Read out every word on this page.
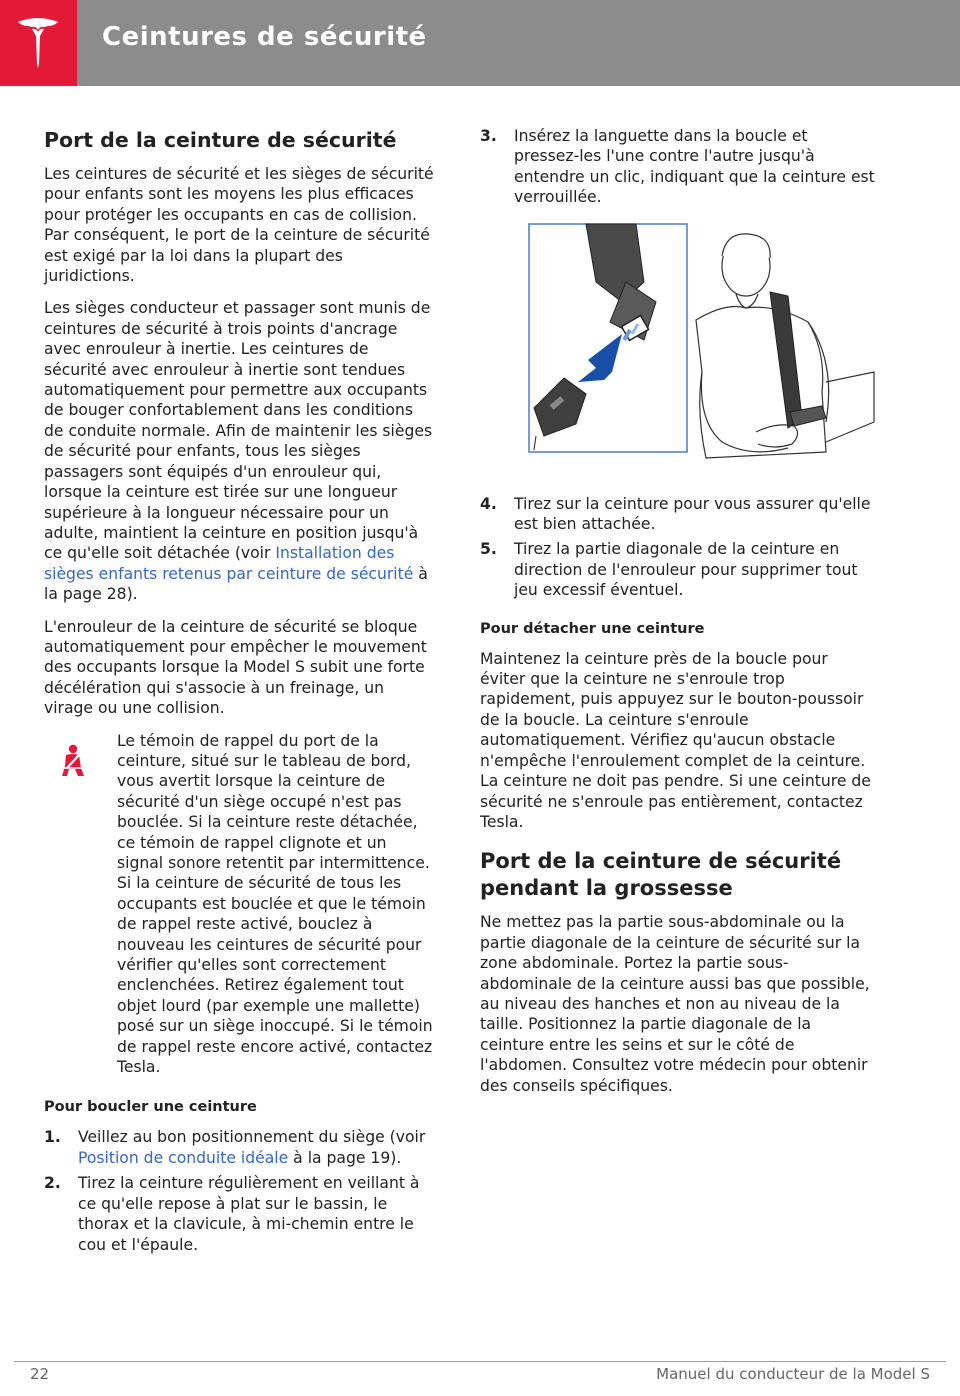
Ceintures de sécurité
Port de la ceinture de sécurité

Les ceintures de sécurité et les sièges de sécurité pour enfants sont les moyens les plus efficaces pour protéger les occupants en cas de collision. Par conséquent, le port de la ceinture de sécurité est exigé par la loi dans la plupart des juridictions.

Les sièges conducteur et passager sont munis de ceintures de sécurité à trois points d'ancrage avec enrouleur à inertie. Les ceintures de sécurité avec enrouleur à inertie sont tendues automatiquement pour permettre aux occupants de bouger confortablement dans les conditions de conduite normale. Afin de maintenir les sièges de sécurité pour enfants, tous les sièges passagers sont équipés d'un enrouleur qui, lorsque la ceinture est tirée sur une longueur supérieure à la longueur nécessaire pour un adulte, maintient la ceinture en position jusqu'à ce qu'elle soit détachée (voir Installation des sièges enfants retenus par ceinture de sécurité à la page 28).

L'enrouleur de la ceinture de sécurité se bloque automatiquement pour empêcher le mouvement des occupants lorsque la Model S subit une forte décélération qui s'associe à un freinage, un virage ou une collision.

Le témoin de rappel du port de la ceinture, situé sur le tableau de bord, vous avertit lorsque la ceinture de sécurité d'un siège occupé n'est pas bouclée. Si la ceinture reste détachée, ce témoin de rappel clignote et un signal sonore retentit par intermittence. Si la ceinture de sécurité de tous les occupants est bouclée et que le témoin de rappel reste activé, bouclez à nouveau les ceintures de sécurité pour vérifier qu'elles sont correctement enclenchées. Retirez également tout objet lourd (par exemple une mallette) posé sur un siège inoccupé. Si le témoin de rappel reste encore activé, contactez Tesla.

Pour boucler une ceinture
1. Veillez au bon positionnement du siège (voir Position de conduite idéale à la page 19).
2. Tirez la ceinture régulièrement en veillant à ce qu'elle repose à plat sur le bassin, le thorax et la clavicule, à mi-chemin entre le cou et l'épaule.
3. Insérez la languette dans la boucle et pressez-les l'une contre l'autre jusqu'à entendre un clic, indiquant que la ceinture est verrouillée.
4. Tirez sur la ceinture pour vous assurer qu'elle est bien attachée.
5. Tirez la partie diagonale de la ceinture en direction de l'enrouleur pour supprimer tout jeu excessif éventuel.
Pour détacher une ceinture

Maintenez la ceinture près de la boucle pour éviter que la ceinture ne s'enroule trop rapidement, puis appuyez sur le bouton-poussoir de la boucle. La ceinture s'enroule automatiquement. Vérifiez qu'aucun obstacle n'empêche l'enroulement complet de la ceinture. La ceinture ne doit pas pendre. Si une ceinture de sécurité ne s'enroule pas entièrement, contactez Tesla.

Port de la ceinture de sécurité pendant la grossesse

Ne mettez pas la partie sous-abdominale ou la partie diagonale de la ceinture de sécurité sur la zone abdominale. Portez la partie sous-abdominale de la ceinture aussi bas que possible, au niveau des hanches et non au niveau de la taille. Positionnez la partie diagonale de la ceinture entre les seins et sur le côté de l'abdomen. Consultez votre médecin pour obtenir des conseils spécifiques.

22	Manuel du conducteur de la Model S
